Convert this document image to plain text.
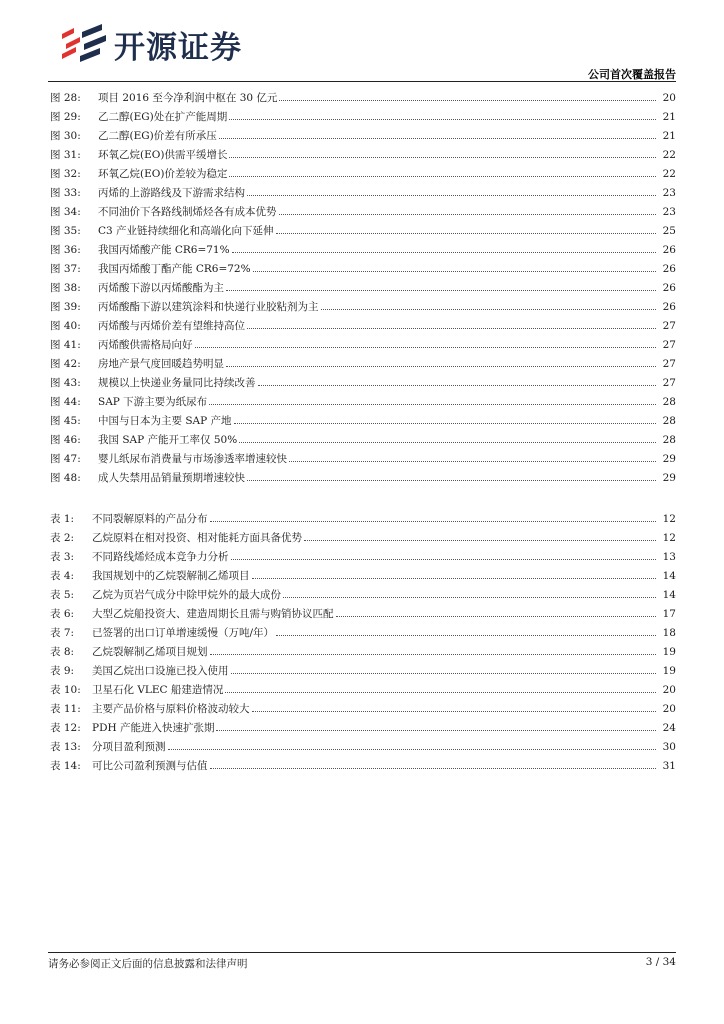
开源证券
公司首次覆盖报告
图 28:	项目 2016 至今净利润中枢在 30 亿元	20
图 29:	乙二醇(EG)处在扩产能周期	21
图 30:	乙二醇(EG)价差有所承压	21
图 31:	环氧乙烷(EO)供需平缓增长	22
图 32:	环氧乙烷(EO)价差较为稳定	22
图 33:	丙烯的上游路线及下游需求结构	23
图 34:	不同油价下各路线制烯烃各有成本优势	23
图 35:	C3 产业链持续细化和高端化向下延伸	25
图 36:	我国丙烯酸产能 CR6=71%	26
图 37:	我国丙烯酸丁酯产能 CR6=72%	26
图 38:	丙烯酸下游以丙烯酸酯为主	26
图 39:	丙烯酸酯下游以建筑涂料和快递行业胶粘剂为主	26
图 40:	丙烯酸与丙烯价差有望维持高位	27
图 41:	丙烯酸供需格局向好	27
图 42:	房地产景气度回暖趋势明显	27
图 43:	规模以上快递业务量同比持续改善	27
图 44:	SAP 下游主要为纸尿布	28
图 45:	中国与日本为主要 SAP 产地	28
图 46:	我国 SAP 产能开工率仅 50%	28
图 47:	婴儿纸尿布消费量与市场渗透率增速较快	29
图 48:	成人失禁用品销量预期增速较快	29
表 1:	不同裂解原料的产品分布	12
表 2:	乙烷原料在相对投资、相对能耗方面具备优势	12
表 3:	不同路线烯烃成本竞争力分析	13
表 4:	我国规划中的乙烷裂解制乙烯项目	14
表 5:	乙烷为页岩气成分中除甲烷外的最大成份	14
表 6:	大型乙烷船投资大、建造周期长且需与购销协议匹配	17
表 7:	已签署的出口订单增速缓慢（万吨/年）	18
表 8:	乙烷裂解制乙烯项目规划	19
表 9:	美国乙烷出口设施已投入使用	19
表 10:	卫星石化 VLEC 船建造情况	20
表 11:	主要产品价格与原料价格波动较大	20
表 12:	PDH 产能进入快速扩张期	24
表 13:	分项目盈利预测	30
表 14:	可比公司盈利预测与估值	31
请务必参阅正文后面的信息披露和法律声明	3 / 34
